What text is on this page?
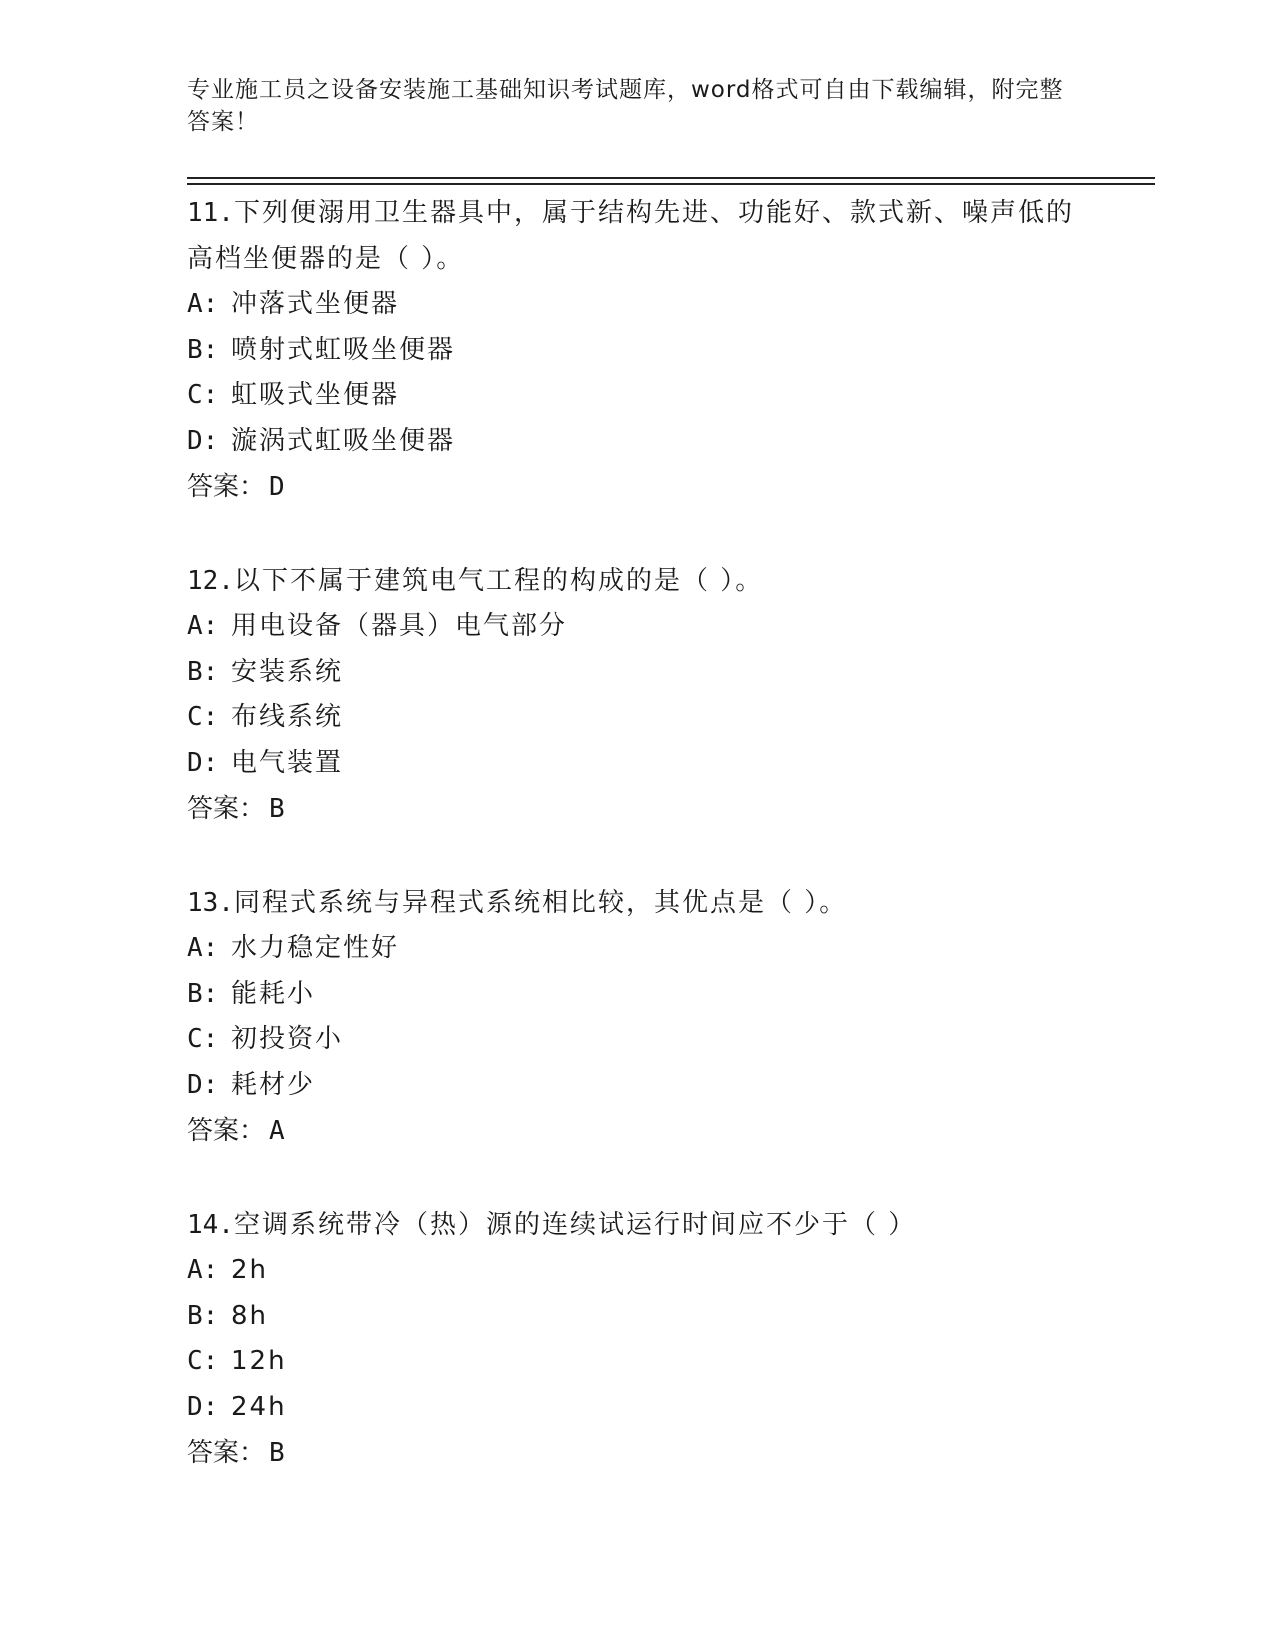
专业施工员之设备安装施工基础知识考试题库，word格式可自由下载编辑，附完整答案！
11.下列便溺用卫生器具中，属于结构先进、功能好、款式新、噪声低的高档坐便器的是（ ）。
A: 冲落式坐便器
B: 喷射式虹吸坐便器
C: 虹吸式坐便器
D: 漩涡式虹吸坐便器
答案： D
12.以下不属于建筑电气工程的构成的是（ ）。
A: 用电设备（器具）电气部分
B: 安装系统
C: 布线系统
D: 电气装置
答案： B
13.同程式系统与异程式系统相比较，其优点是（ ）。
A: 水力稳定性好
B: 能耗小
C: 初投资小
D: 耗材少
答案： A
14.空调系统带冷（热）源的连续试运行时间应不少于（ ）
A: 2h
B: 8h
C: 12h
D: 24h
答案： B
